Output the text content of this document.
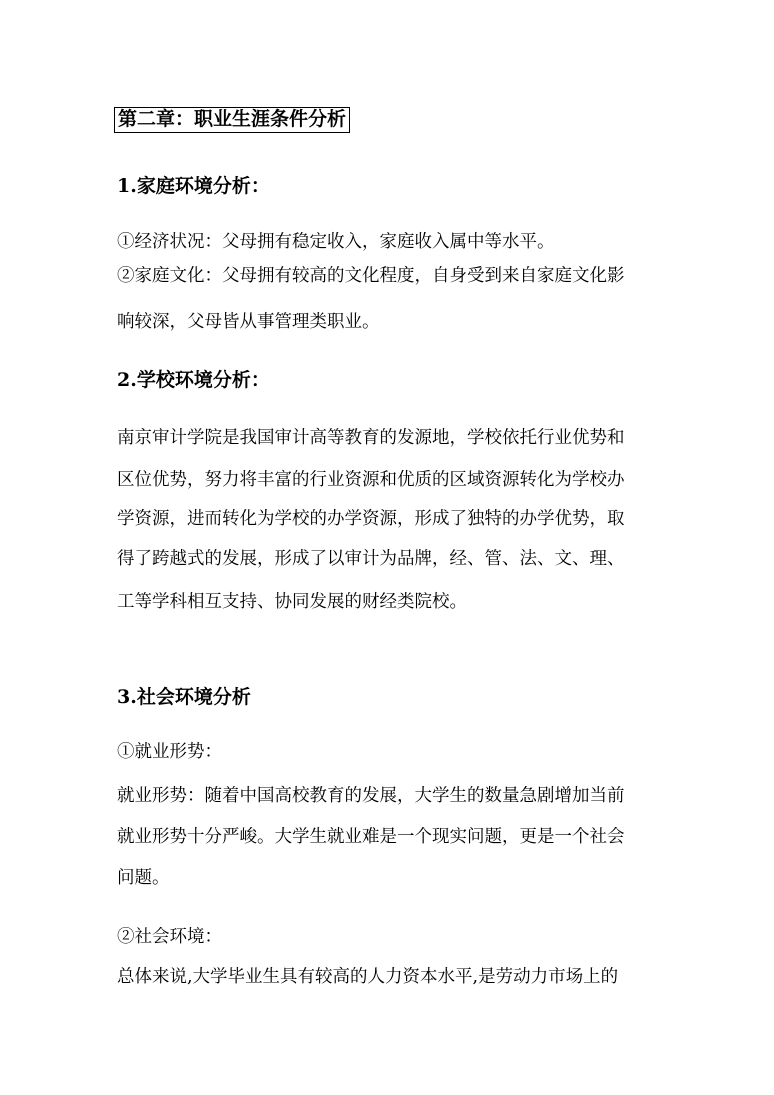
第二章：职业生涯条件分析
1.家庭环境分析：
①经济状况：父母拥有稳定收入，家庭收入属中等水平。
②家庭文化：父母拥有较高的文化程度，自身受到来自家庭文化影
响较深，父母皆从事管理类职业。
2.学校环境分析：
南京审计学院是我国审计高等教育的发源地，学校依托行业优势和
区位优势，努力将丰富的行业资源和优质的区域资源转化为学校办
学资源，进而转化为学校的办学资源，形成了独特的办学优势，取
得了跨越式的发展，形成了以审计为品牌，经、管、法、文、理、
工等学科相互支持、协同发展的财经类院校。
3.社会环境分析
①就业形势：
就业形势：随着中国高校教育的发展，大学生的数量急剧增加当前
就业形势十分严峻。大学生就业难是一个现实问题，更是一个社会
问题。
②社会环境：
总体来说,大学毕业生具有较高的人力资本水平,是劳动力市场上的
